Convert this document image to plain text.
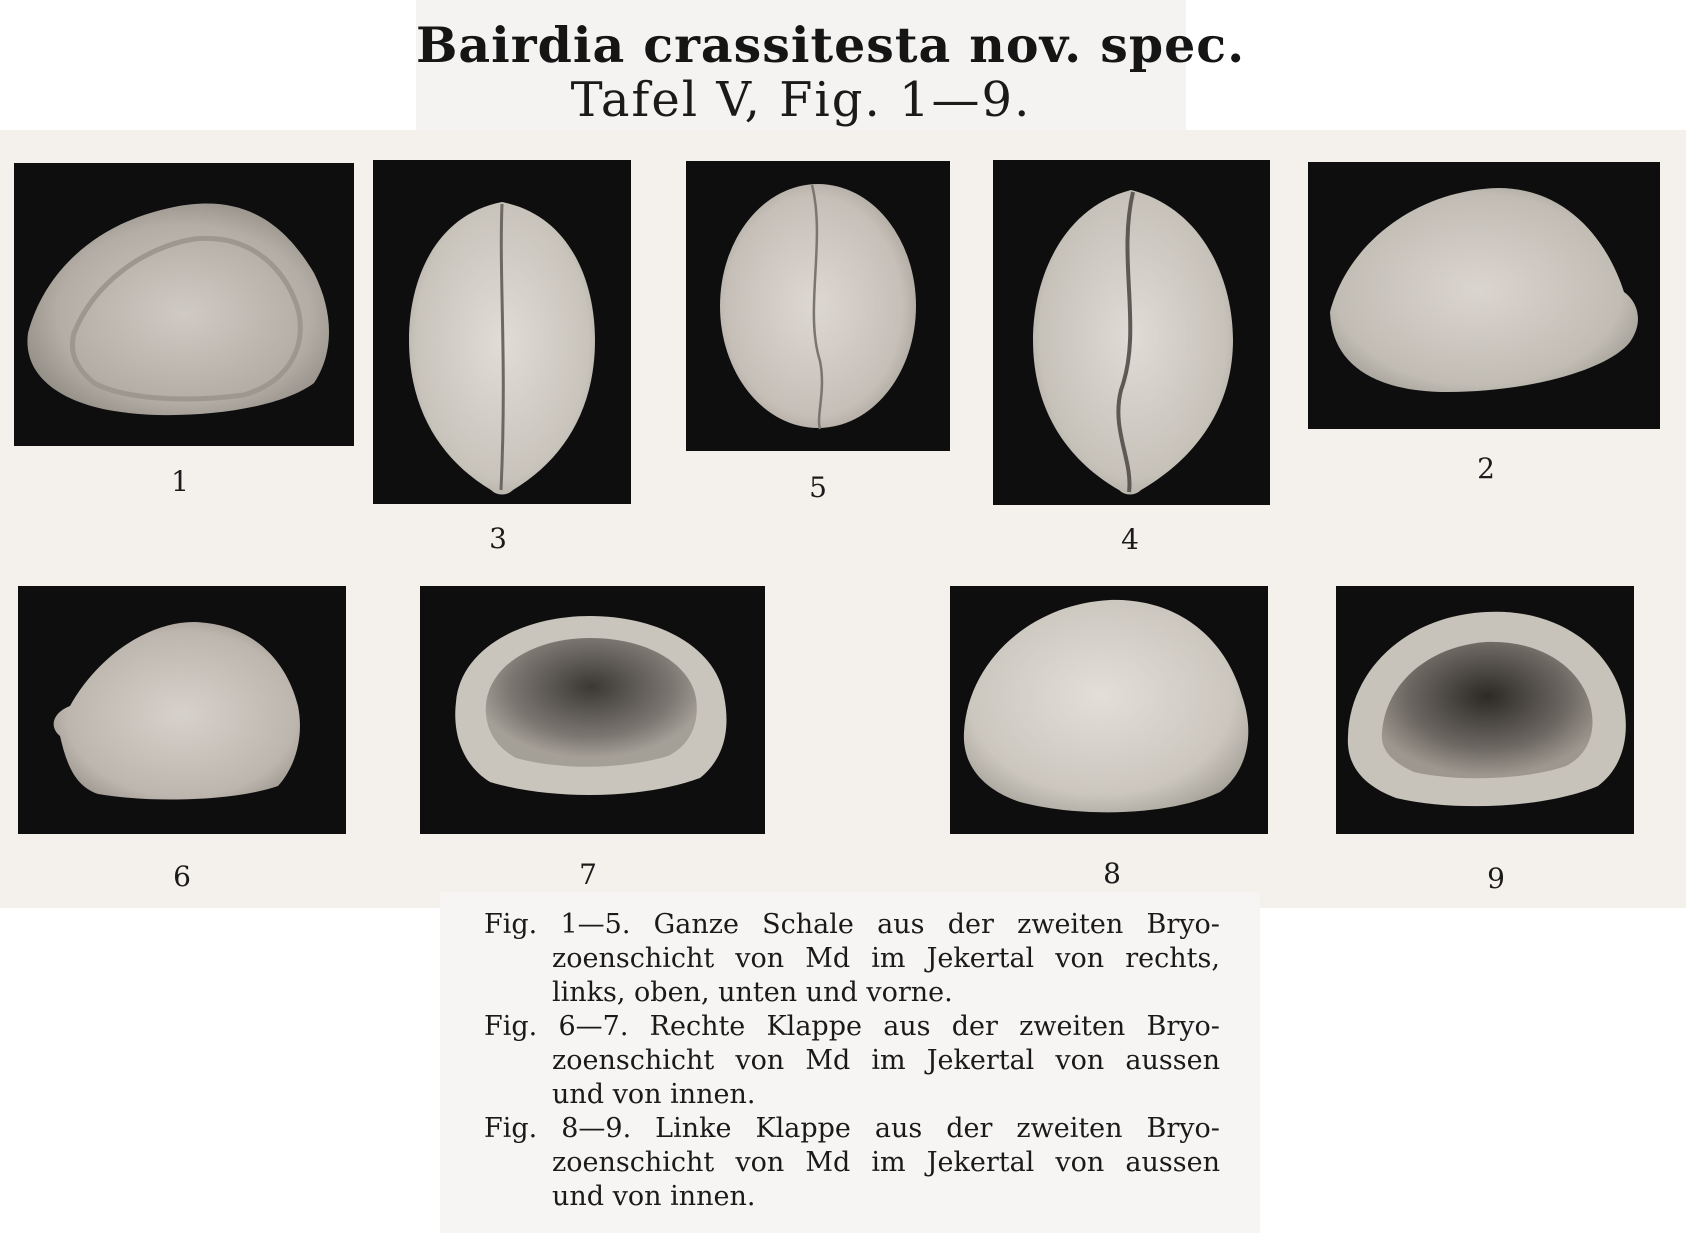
Bairdia crassitesta nov. spec.
Tafel V, Fig. 1—9.
1
3
5
4
2
6	7	8	9
Fig. 1—5. Ganze Schale aus der zweiten Bryo-
zoenschicht von Md im Jekertal von rechts,
links, oben, unten und vorne.
Fig. 6—7. Rechte Klappe aus der zweiten Bryo-
zoenschicht von Md im Jekertal von aussen
und von innen.
Fig. 8—9. Linke Klappe aus der zweiten Bryo-
zoenschicht von Md im Jekertal von aussen
und von innen.
